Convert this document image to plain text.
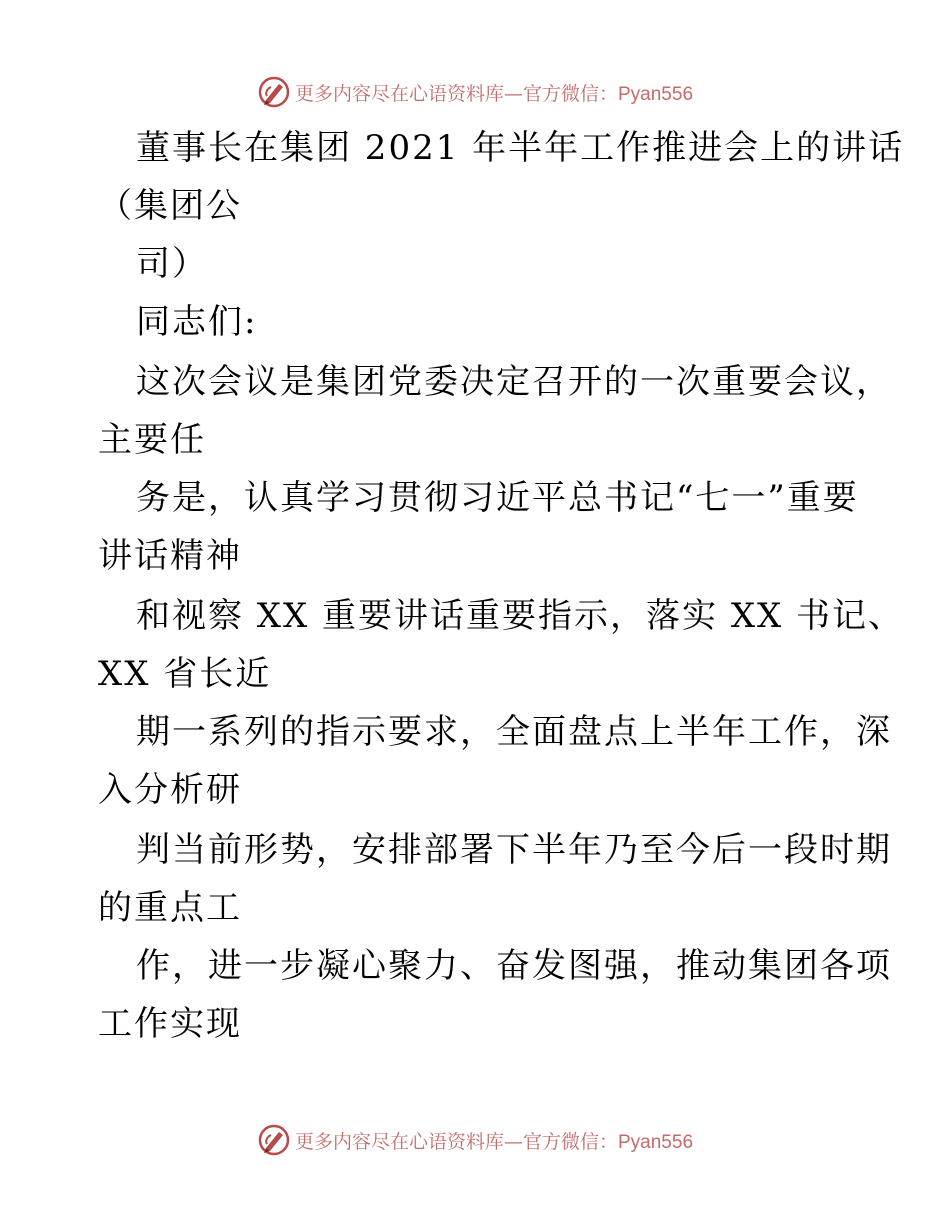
更多内容尽在心语资料库—官方微信：Pyan556
董事长在集团 2021 年半年工作推进会上的讲话
（集团公
司）
同志们:
这次会议是集团党委决定召开的一次重要会议，
主要任
务是，认真学习贯彻习近平总书记“七一”重要
讲话精神
和视察 XX 重要讲话重要指示，落实 XX 书记、
XX 省长近
期一系列的指示要求，全面盘点上半年工作，深
入分析研
判当前形势，安排部署下半年乃至今后一段时期
的重点工
作，进一步凝心聚力、奋发图强，推动集团各项
工作实现
更多内容尽在心语资料库—官方微信：Pyan556
